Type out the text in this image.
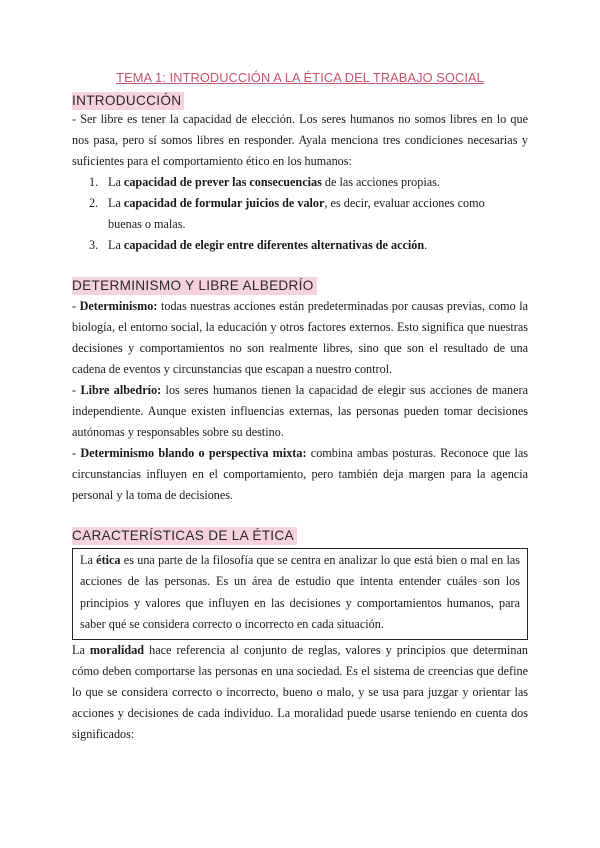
TEMA 1: INTRODUCCIÓN A LA ÉTICA DEL TRABAJO SOCIAL
INTRODUCCIÓN

- Ser libre es tener la capacidad de elección. Los seres humanos no somos libres en lo que nos pasa, pero sí somos libres en responder. Ayala menciona tres condiciones necesarias y suficientes para el comportamiento ético en los humanos:

1. La capacidad de prever las consecuencias de las acciones propias.
2. La capacidad de formular juicios de valor, es decir, evaluar acciones como buenas o malas.
3. La capacidad de elegir entre diferentes alternativas de acción.
DETERMINISMO Y LIBRE ALBEDRÍO

- Determinismo: todas nuestras acciones están predeterminadas por causas previas, como la biología, el entorno social, la educación y otros factores externos. Esto significa que nuestras decisiones y comportamientos no son realmente libres, sino que son el resultado de una cadena de eventos y circunstancias que escapan a nuestro control.
- Libre albedrío: los seres humanos tienen la capacidad de elegir sus acciones de manera independiente. Aunque existen influencias externas, las personas pueden tomar decisiones autónomas y responsables sobre su destino.
- Determinismo blando o perspectiva mixta: combina ambas posturas. Reconoce que las circunstancias influyen en el comportamiento, pero también deja margen para la agencia personal y la toma de decisiones.

CARACTERÍSTICAS DE LA ÉTICA

La ética es una parte de la filosofía que se centra en analizar lo que está bien o mal en las acciones de las personas. Es un área de estudio que intenta entender cuáles son los principios y valores que influyen en las decisiones y comportamientos humanos, para saber qué se considera correcto o incorrecto en cada situación.

La moralidad hace referencia al conjunto de reglas, valores y principios que determinan cómo deben comportarse las personas en una sociedad. Es el sistema de creencias que define lo que se considera correcto o incorrecto, bueno o malo, y se usa para juzgar y orientar las acciones y decisiones de cada individuo. La moralidad puede usarse teniendo en cuenta dos significados:
